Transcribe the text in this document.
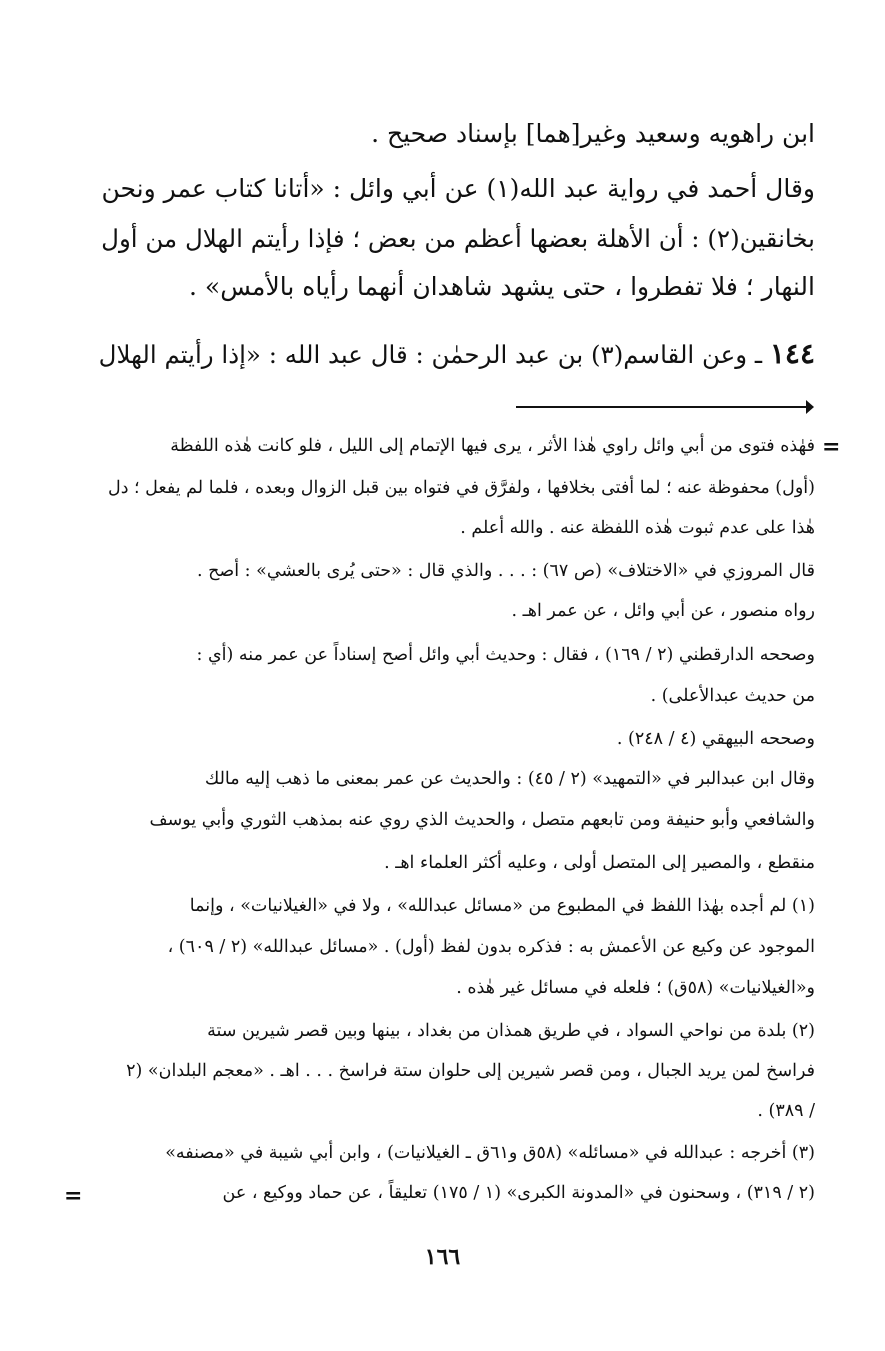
ابن راهويه وسعيد وغير[هما] بإسناد صحيح .
وقال أحمد في رواية عبد الله(١) عن أبي وائل : «أتانا كتاب عمر ونحن
بخانقين(٢) : أن الأهلة بعضها أعظم من بعض ؛ فإذا رأيتم الهلال من أول
النهار ؛ فلا تفطروا ، حتى يشهد شاهدان أنهما رأياه بالأمس» .
١٤٤ ـ وعن القاسم(٣) بن عبد الرحمٰن : قال عبد الله : «إذا رأيتم الهلال
=
=
فهٰذه فتوى من أبي وائل راوي هٰذا الأثر ، يرى فيها الإتمام إلى الليل ، فلو كانت هٰذه اللفظة
(أول) محفوظة عنه ؛ لما أفتى بخلافها ، ولفرَّق في فتواه بين قبل الزوال وبعده ، فلما لم يفعل ؛ دل
هٰذا على عدم ثبوت هٰذه اللفظة عنه . والله أعلم .
قال المروزي في «الاختلاف» (ص ٦٧) : . . . والذي قال : «حتى يُرى بالعشي» : أصح .
رواه منصور ، عن أبي وائل ، عن عمر اهـ .
وصححه الدارقطني (٢ / ١٦٩) ، فقال : وحديث أبي وائل أصح إسناداً عن عمر منه (أي :
من حديث عبدالأعلى) .
وصححه البيهقي (٤ / ٢٤٨) .
وقال ابن عبدالبر في «التمهيد» (٢ / ٤٥) : والحديث عن عمر بمعنى ما ذهب إليه مالك
والشافعي وأبو حنيفة ومن تابعهم متصل ، والحديث الذي روي عنه بمذهب الثوري وأبي يوسف
منقطع ، والمصير إلى المتصل أولى ، وعليه أكثر العلماء اهـ .
(١) لم أجده بهٰذا اللفظ في المطبوع من «مسائل عبدالله» ، ولا في «الغيلانيات» ، وإنما
الموجود عن وكيع عن الأعمش به : فذكره بدون لفظ (أول) . «مسائل عبدالله» (٢ / ٦٠٩) ،
و«الغيلانيات» (٥٨ق) ؛ فلعله في مسائل غير هٰذه .
(٢) بلدة من نواحي السواد ، في طريق همذان من بغداد ، بينها وبين قصر شيرين ستة
فراسخ لمن يريد الجبال ، ومن قصر شيرين إلى حلوان ستة فراسخ . . . اهـ . «معجم البلدان» (٢
/ ٣٨٩) .
(٣) أخرجه : عبدالله في «مسائله» (٥٨ق و٦١ق ـ الغيلانيات) ، وابن أبي شيبة في «مصنفه»
(٢ / ٣١٩) ، وسحنون في «المدونة الكبرى» (١ / ١٧٥) تعليقاً ، عن حماد ووكيع ، عن
١٦٦
